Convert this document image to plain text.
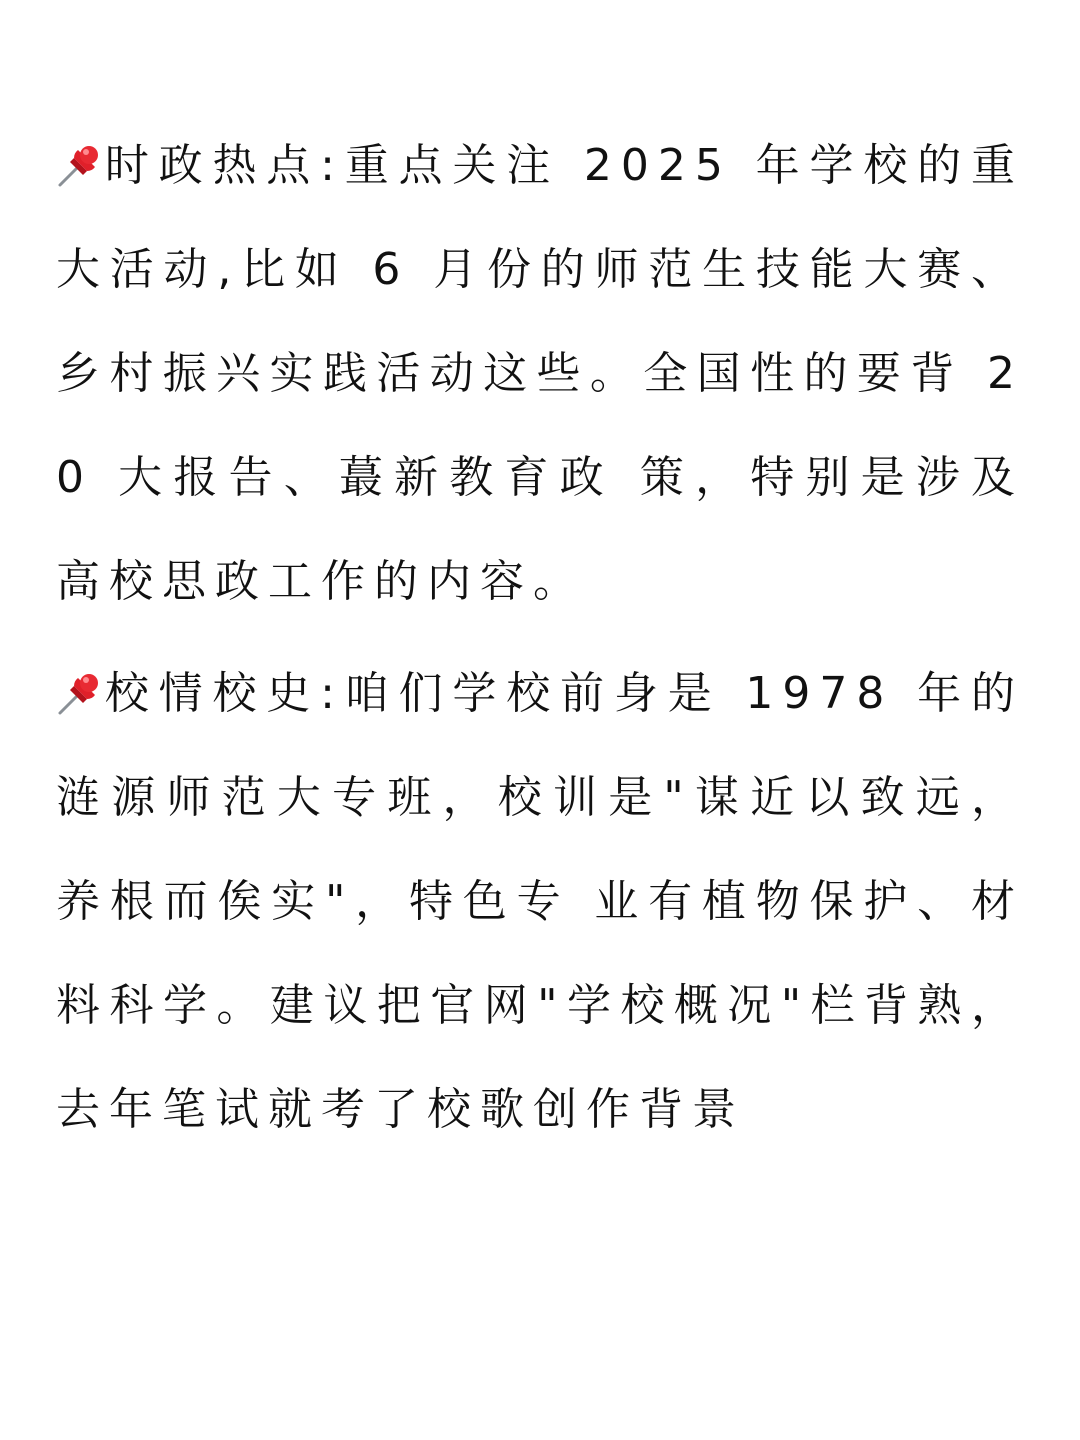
时政热点:重点关注 2025 年学校的重大活动,比如 6 月份的师范生技能大赛、乡村振兴实践活动这些。全国性的要背 20 大报告、蕞新教育政 策，特别是涉及高校思政工作的内容。

校情校史:咱们学校前身是 1978 年的涟源师范大专班，校训是"谋近以致远，养根而俟实"，特色专 业有植物保护、材料科学。建议把官网"学校概况"栏背熟，去年笔试就考了校歌创作背景
